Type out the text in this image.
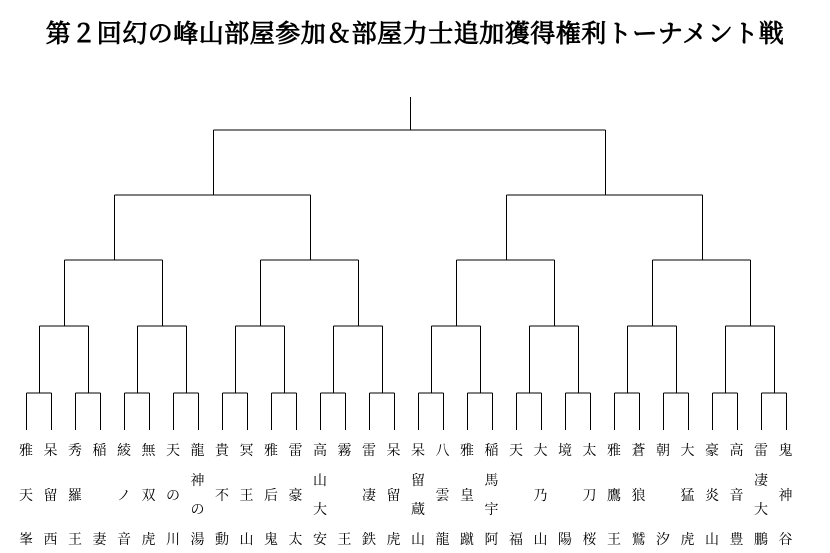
第２回幻の峰山部屋参加＆部屋力士追加獲得権利トーナメント戦
雅
天
峯
呆
留
西
秀
羅
王
稲
妻
綾
ノ
音
無
双
虎
天
の
川
龍
神
の
湯
貴
不
動
冥
王
山
雅
后
鬼
雷
豪
太
高
山
大
安
霧
王
雷
凄
鉄
呆
留
虎
呆
留
蔵
山
八
雲
龍
雅
皇
蹴
稲
馬
宇
阿
天
福
大
乃
山
境
陽
太
刀
桜
雅
鷹
王
蒼
狼
鷲
朝
汐
大
猛
虎
豪
炎
山
高
音
豊
雷
凄
大
鵬
鬼
神
谷
